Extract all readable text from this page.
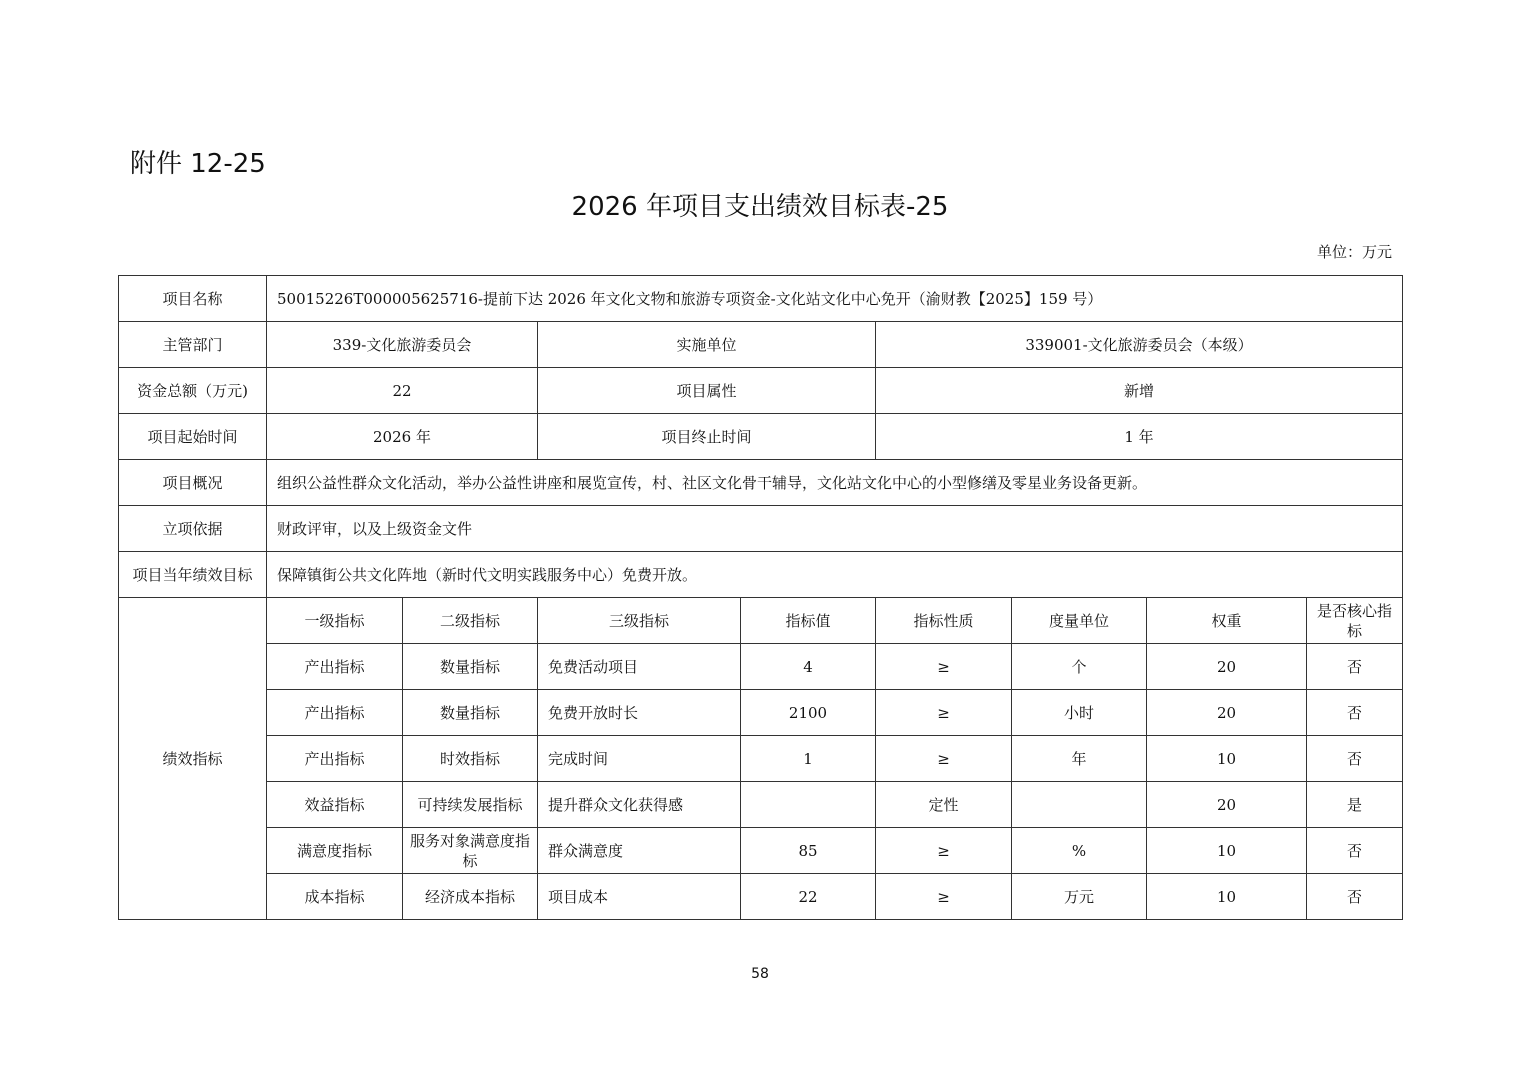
附件 12-25
2026 年项目支出绩效目标表-25
单位：万元
项目名称	50015226T000005625716-提前下达 2026 年文化文物和旅游专项资金-文化站文化中心免开（渝财教【2025】159 号）							
主管部门	339-文化旅游委员会		实施单位		339001-文化旅游委员会（本级）			
资金总额（万元)	22		项目属性		新增			
项目起始时间	2026 年		项目终止时间		1 年			
项目概况	组织公益性群众文化活动，举办公益性讲座和展览宣传，村、社区文化骨干辅导，文化站文化中心的小型修缮及零星业务设备更新。							
立项依据	财政评审，以及上级资金文件							
项目当年绩效目标	保障镇街公共文化阵地（新时代文明实践服务中心）免费开放。							
绩效指标	一级指标	二级指标	三级指标	指标值	指标性质	度量单位	权重	是否核心指标
	产出指标	数量指标	免费活动项目	4	≥	个	20	否
	产出指标	数量指标	免费开放时长	2100	≥	小时	20	否
	产出指标	时效指标	完成时间	1	≥	年	10	否
	效益指标	可持续发展指标	提升群众文化获得感		定性		20	是
	满意度指标	服务对象满意度指标	群众满意度	85	≥	%	10	否
	成本指标	经济成本指标	项目成本	22	≥	万元	10	否
58
